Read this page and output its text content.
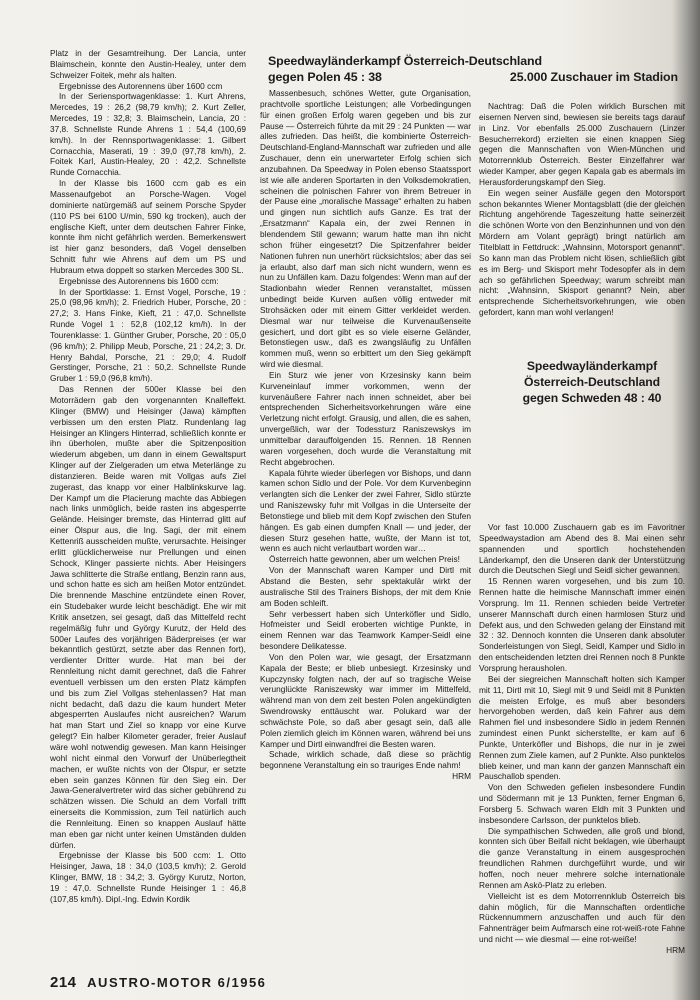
Platz in der Gesamtreihung. Der Lancia, unter Blaimschein, konnte den Austin-Healey, unter dem Schweizer Foitek, mehr als halten.

Ergebnisse des Autorennens über 1600 ccm

In der Seriensportwagenklasse: 1. Kurt Ahrens, Mercedes, 19 : 26,2 (98,79 km/h); 2. Kurt Zeller, Mercedes, 19 : 32,8; 3. Blaimschein, Lancia, 20 : 37,8. Schnellste Runde Ahrens 1 : 54,4 (100,69 km/h). In der Rennsportwagenklasse: 1. Gilbert Cornacchia, Maserati, 19 : 39,0 (97,78 km/h), 2. Foitek Karl, Austin-Healey, 20 : 42,2. Schnellste Runde Cornacchia.

In der Klasse bis 1600 ccm gab es ein Massenaufgebot an Porsche-Wagen. Vogel dominierte natürgemäß auf seinem Porsche Spyder (110 PS bei 6100 U/min, 590 kg trocken), auch der englische Kieft, unter dem deutschen Fahrer Finke, konnte ihm nicht gefährlich werden. Bemerkenswert ist hier ganz besonders, daß Vogel denselben Schnitt fuhr wie Ahrens auf dem um PS und Hubraum etwa doppelt so starken Mercedes 300 SL.

Ergebnisse des Autorennens bis 1600 ccm:

In der Sportklasse: 1. Ernst Vogel, Porsche, 19 : 25,0 (98,96 km/h); 2. Friedrich Huber, Porsche, 20 : 27,2; 3. Hans Finke, Kieft, 21 : 47,0. Schnellste Runde Vogel 1 : 52,8 (102,12 km/h). In der Tourenklasse: 1. Günther Gruber, Porsche, 20 : 05,0 (96 km/h); 2. Philipp Meub, Porsche, 21 : 24,2; 3. Dr. Henry Bahdal, Porsche, 21 : 29,0; 4. Rudolf Gerstinger, Porsche, 21 : 50,2. Schnellste Runde Gruber 1 : 59,0 (96,8 km/h).

Das Rennen der 500er Klasse bei den Motorrädern gab den vorgenannten Knalleffekt. Klinger (BMW) und Heisinger (Jawa) kämpften verbissen um den ersten Platz. Rundenlang lag Heisinger an Klingers Hinterrad, schließlich konnte er ihn überholen, mußte aber die Spitzenposition wiederum abgeben, um dann in einem Gewaltspurt Klinger auf der Zielgeraden um etwa Meterlänge zu distanzieren. Beide waren mit Vollgas aufs Ziel zugerast, das knapp vor einer Halblinkskurve lag. Der Kampf um die Placierung machte das Abbiegen nach links unmöglich, beide rasten ins abgesperrte Gelände. Heisinger bremste, das Hinterrad glitt auf einer Ölspur aus, die Ing. Sagi, der mit einem Kettenriß ausscheiden mußte, verursachte. Heisinger erlitt glücklicherweise nur Prellungen und einen Schock, Klinger passierte nichts. Aber Heisingers Jawa schlitterte die Straße entlang, Benzin rann aus, und schon hatte es sich am heißen Motor entzündet. Die brennende Maschine entzündete einen Rover, ein Studebaker wurde leicht beschädigt. Ehe wir mit Kritik ansetzen, sei gesagt, daß das Mittelfeld recht regelmäßig fuhr und György Kurutz, der Held des 500er Laufes des vorjährigen Bäderpreises (er war bekanntlich gestürzt, setzte aber das Rennen fort), verdienter Dritter wurde. Hat man bei der Rennleitung nicht damit gerechnet, daß die Fahrer eventuell verbissen um den ersten Platz kämpfen und bis zum Ziel Vollgas stehenlassen? Hat man nicht bedacht, daß dazu die kaum hundert Meter abgesperrten Auslaufes nicht ausreichen? Warum hat man Start und Ziel so knapp vor eine Kurve gelegt? Ein halber Kilometer gerader, freier Auslauf wäre wohl notwendig gewesen. Man kann Heisinger wohl nicht einmal den Vorwurf der Unüberlegtheit machen, er wußte nichts von der Ölspur, er setzte eben sein ganzes Können für den Sieg ein. Der Jawa-Generalvertreter wird das sicher gebührend zu schätzen wissen. Die Schuld an dem Vorfall trifft einerseits die Kommission, zum Teil natürlich auch die Rennleitung. Einen so knappen Auslauf hätte man eben gar nicht unter keinen Umständen dulden dürfen.

Ergebnisse der Klasse bis 500 ccm: 1. Otto Heisinger, Jawa, 18 : 34,0 (103,5 km/h); 2. Gerold Klinger, BMW, 18 : 34,2; 3. György Kurutz, Norton, 19 : 47,0. Schnellste Runde Heisinger 1 : 46,8 (107,85 km/h). Dipl.-Ing. Edwin Kordik

Speedwayländerkampf Österreich-Deutschland
gegen Polen 45 : 38	25.000 Zuschauer im Stadion

Massenbesuch, schönes Wetter, gute Organisation, prachtvolle sportliche Leistungen; alle Vorbedingungen für einen großen Erfolg waren gegeben und bis zur Pause — Österreich führte da mit 29 : 24 Punkten — war alles zufrieden. Das heißt, die kombinierte Österreich-Deutschland-England-Mannschaft war zufrieden und alle Zuschauer, denn ein unerwarteter Erfolg schien sich anzubahnen. Da Speedway in Polen ebenso Staatssport ist wie alle anderen Sportarten in den Volksdemokratien, scheinen die polnischen Fahrer von ihrem Betreuer in der Pause eine „moralische Massage“ erhalten zu haben und gingen nun sichtlich aufs Ganze. Es trat der „Ersatzmann“ Kapala ein, der zwei Rennen in blendendem Stil gewann; warum hatte man ihn nicht schon früher eingesetzt? Die Spitzenfahrer beider Nationen fuhren nun unerhört rücksichtslos; aber das sei ja erlaubt, also darf man sich nicht wundern, wenn es nun zu Unfällen kam. Dazu folgendes: Wenn man auf der Stadionbahn wieder Rennen veranstaltet, müssen unbedingt beide Kurven außen völlig entweder mit Strohsäcken oder mit einem Gitter verkleidet werden. Diesmal war nur teilweise die Kurvenaußenseite gesichert, und dort gibt es so viele eiserne Geländer, Betonstiegen usw., daß es zwangsläufig zu Unfällen kommen muß, wenn so erbittert um den Sieg gekämpft wird wie diesmal.

Ein Sturz wie jener von Krzesinsky kann beim Kurveneinlauf immer vorkommen, wenn der kurvenäußere Fahrer nach innen schneidet, aber bei entsprechenden Sicherheitsvorkehrungen wäre eine Verletzung nicht erfolgt. Grausig, und allen, die es sahen, unvergeßlich, war der Todessturz Raniszewskys im unmittelbar darauffolgenden 15. Rennen. 18 Rennen waren vorgesehen, doch wurde die Veranstaltung mit Recht abgebrochen.

Kapala führte wieder überlegen vor Bishops, und dann kamen schon Sidlo und der Pole. Vor dem Kurvenbeginn verlangten sich die Lenker der zwei Fahrer, Sidlo stürzte und Raniszewsky fuhr mit Vollgas in die Unterseite der Betonstiege und blieb mit dem Kopf zwischen den Stufen hängen. Es gab einen dumpfen Knall — und jeder, der diesen Sturz gesehen hatte, wußte, der Mann ist tot, wenn es auch nicht verlautbart worden war…

Österreich hatte gewonnen, aber um welchen Preis!

Von der Mannschaft waren Kamper und Dirtl mit Abstand die Besten, sehr spektakulär wirkt der australische Stil des Trainers Bishops, der mit dem Knie am Boden schleift.

Sehr verbessert haben sich Unterköfler und Sidlo, Hofmeister und Seidl eroberten wichtige Punkte, in einem Rennen war das Teamwork Kamper-Seidl eine besondere Delikatesse.

Von den Polen war, wie gesagt, der Ersatzmann Kapala der Beste; er blieb unbesiegt. Krzesinsky und Kupczynsky folgten nach, der auf so tragische Weise verunglückte Raniszewsky war immer im Mittelfeld, während man von dem zeit besten Polen angekündigten Swendrowsky enttäuscht war. Polukard war der schwächste Pole, so daß aber gesagt sein, daß alle Polen ziemlich gleich im Können waren, während bei uns Kamper und Dirtl einwandfrei die Besten waren.

Schade, wirklich schade, daß diese so prächtig begonnene Veranstaltung ein so trauriges Ende nahm!

HRM

Nachtrag: Daß die Polen wirklich Burschen mit eisernen Nerven sind, bewiesen sie bereits tags darauf in Linz. Vor ebenfalls 25.000 Zuschauern (Linzer Besucherrekord) erzielten sie einen knappen Sieg gegen die Mannschaften von Wien-München und Motorrennklub Österreich. Bester Einzelfahrer war wieder Kamper, aber gegen Kapala gab es abermals im Herausforderungskampf den Sieg.

Ein wegen seiner Ausfälle gegen den Motorsport schon bekanntes Wiener Montagsblatt (die der gleichen Richtung angehörende Tageszeitung hatte seinerzeit die schönen Worte von den Benzinhunnen und von den Mördern am Volant geprägt) bringt natürlich am Titelblatt in Fettdruck: „Wahnsinn, Motorsport genannt“. So kann man das Problem nicht lösen, schließlich gibt es im Berg- und Skisport mehr Todesopfer als in dem ach so gefährlichen Speedway; warum schreibt man nicht: „Wahnsinn, Skisport genannt? Nein, aber entsprechende Sicherheitsvorkehrungen, wie oben gefordert, kann man wohl verlangen!

Speedwayländerkampf
Österreich-Deutschland
gegen Schweden 48 : 40

Vor fast 10.000 Zuschauern gab es im Favoritner Speedwaystadion am Abend des 8. Mai einen sehr spannenden und sportlich hochstehenden Länderkampf, den die Unseren dank der Unterstützung durch die Deutschen Siegl und Seidl sicher gewannen.

15 Rennen waren vorgesehen, und bis zum 10. Rennen hatte die heimische Mannschaft immer einen Vorsprung. Im 11. Rennen schieden beide Vertreter unserer Mannschaft durch einen harmlosen Sturz und Defekt aus, und den Schweden gelang der Einstand mit 32 : 32. Dennoch konnten die Unseren dank absoluter Sonderleistungen von Siegl, Seidl, Kamper und Sidlo in den entscheidenden letzten drei Rennen noch 8 Punkte Vorsprung herausholen.

Bei der siegreichen Mannschaft holten sich Kamper mit 11, Dirtl mit 10, Siegl mit 9 und Seidl mit 8 Punkten die meisten Erfolge, es muß aber besonders hervorgehoben werden, daß kein Fahrer aus dem Rahmen fiel und insbesondere Sidlo in jedem Rennen zumindest einen Punkt sicherstellte, er kam auf 6 Punkte, Unterköfler und Bishops, die nur in je zwei Rennen zum Ziele kamen, auf 2 Punkte. Also punktelos blieb keiner, und man kann der ganzen Mannschaft ein Pauschallob spenden.

Von den Schweden gefielen insbesondere Fundin und Södermann mit je 13 Punkten, ferner Engman 6, Forsberg 5. Schwach waren Eldh mit 3 Punkten und insbesondere Carlsson, der punktelos blieb.

Die sympathischen Schweden, alle groß und blond, konnten sich über Beifall nicht beklagen, wie überhaupt die ganze Veranstaltung in einem ausgesprochen freundlichen Rahmen durchgeführt wurde, und wir hoffen, noch neuer mehrere solche internationale Rennen am Askö-Platz zu erleben.

Vielleicht ist es dem Motorrennklub Österreich bis dahin möglich, für die Mannschaften ordentliche Rückennummern anzuschaffen und auch für den Fahnenträger beim Aufmarsch eine rot-weiß-rote Fahne und nicht — wie diesmal — eine rot-weiße!

HRM
214 AUSTRO-MOTOR 6/1956
